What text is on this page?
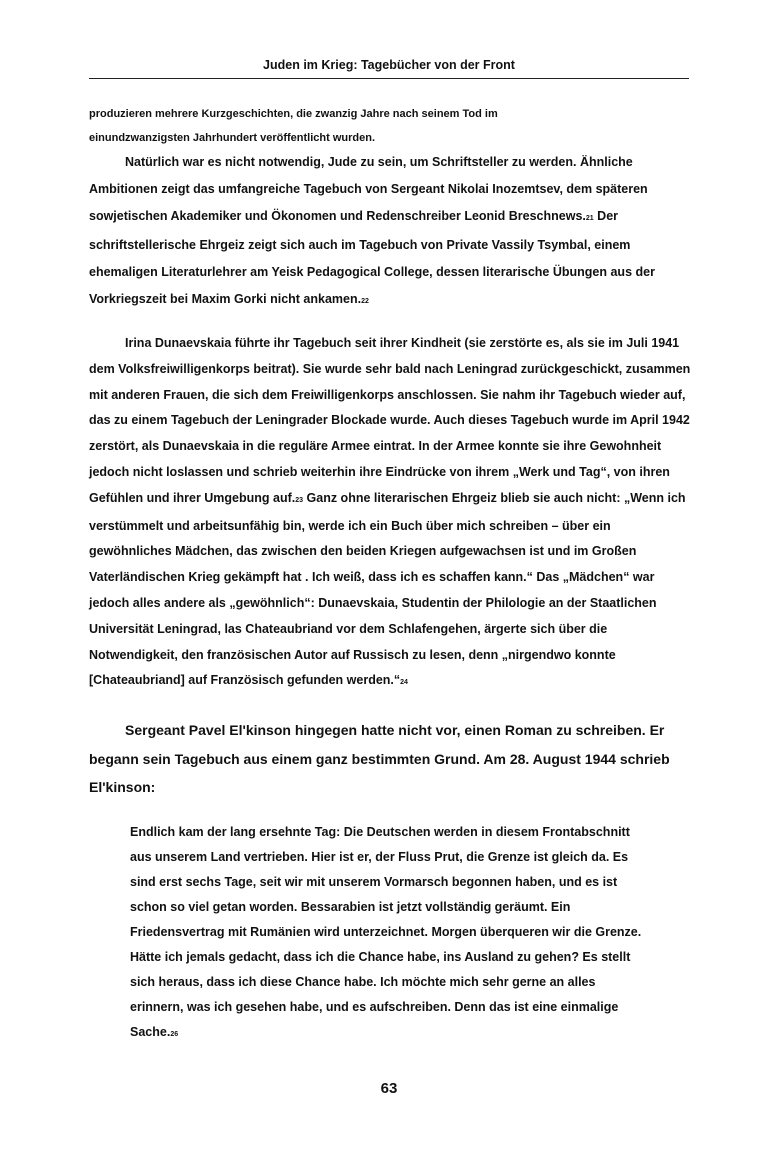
Juden im Krieg: Tagebücher von der Front

produzieren mehrere Kurzgeschichten, die zwanzig Jahre nach seinem Tod im
einundzwanzigsten Jahrhundert veröffentlicht wurden.

Natürlich war es nicht notwendig, Jude zu sein, um Schriftsteller zu werden. Ähnliche Ambitionen zeigt das umfangreiche Tagebuch von Sergeant Nikolai Inozemtsev, dem späteren sowjetischen Akademiker und Ökonomen und Redenschreiber Leonid Breschnews.21 Der schriftstellerische Ehrgeiz zeigt sich auch im Tagebuch von Private Vassily Tsymbal, einem ehemaligen Literaturlehrer am Yeisk Pedagogical College, dessen literarische Übungen aus der Vorkriegszeit bei Maxim Gorki nicht ankamen.22

Irina Dunaevskaia führte ihr Tagebuch seit ihrer Kindheit (sie zerstörte es, als sie im Juli 1941 dem Volksfreiwilligenkorps beitrat). Sie wurde sehr bald nach Leningrad zurückgeschickt, zusammen mit anderen Frauen, die sich dem Freiwilligenkorps anschlossen. Sie nahm ihr Tagebuch wieder auf, das zu einem Tagebuch der Leningrader Blockade wurde. Auch dieses Tagebuch wurde im April 1942 zerstört, als Dunaevskaia in die reguläre Armee eintrat. In der Armee konnte sie ihre Gewohnheit jedoch nicht loslassen und schrieb weiterhin ihre Eindrücke von ihrem „Werk und Tag“, von ihren Gefühlen und ihrer Umgebung auf.23 Ganz ohne literarischen Ehrgeiz blieb sie auch nicht: „Wenn ich verstümmelt und arbeitsunfähig bin, werde ich ein Buch über mich schreiben – über ein gewöhnliches Mädchen, das zwischen den beiden Kriegen aufgewachsen ist und im Großen Vaterländischen Krieg gekämpft hat . Ich weiß, dass ich es schaffen kann.“ Das „Mädchen“ war jedoch alles andere als „gewöhnlich“: Dunaevskaia, Studentin der Philologie an der Staatlichen Universität Leningrad, las Chateaubriand vor dem Schlafengehen, ärgerte sich über die Notwendigkeit, den französischen Autor auf Russisch zu lesen, denn „nirgendwo konnte [Chateaubriand] auf Französisch gefunden werden.“24

Sergeant Pavel El'kinson hingegen hatte nicht vor, einen Roman zu schreiben. Er begann sein Tagebuch aus einem ganz bestimmten Grund. Am 28. August 1944 schrieb El'kinson:

Endlich kam der lang ersehnte Tag: Die Deutschen werden in diesem Frontabschnitt aus unserem Land vertrieben. Hier ist er, der Fluss Prut, die Grenze ist gleich da. Es sind erst sechs Tage, seit wir mit unserem Vormarsch begonnen haben, und es ist schon so viel getan worden. Bessarabien ist jetzt vollständig geräumt. Ein Friedensvertrag mit Rumänien wird unterzeichnet. Morgen überqueren wir die Grenze. Hätte ich jemals gedacht, dass ich die Chance habe, ins Ausland zu gehen? Es stellt sich heraus, dass ich diese Chance habe. Ich möchte mich sehr gerne an alles erinnern, was ich gesehen habe, und es aufschreiben. Denn das ist eine einmalige Sache.26

63
